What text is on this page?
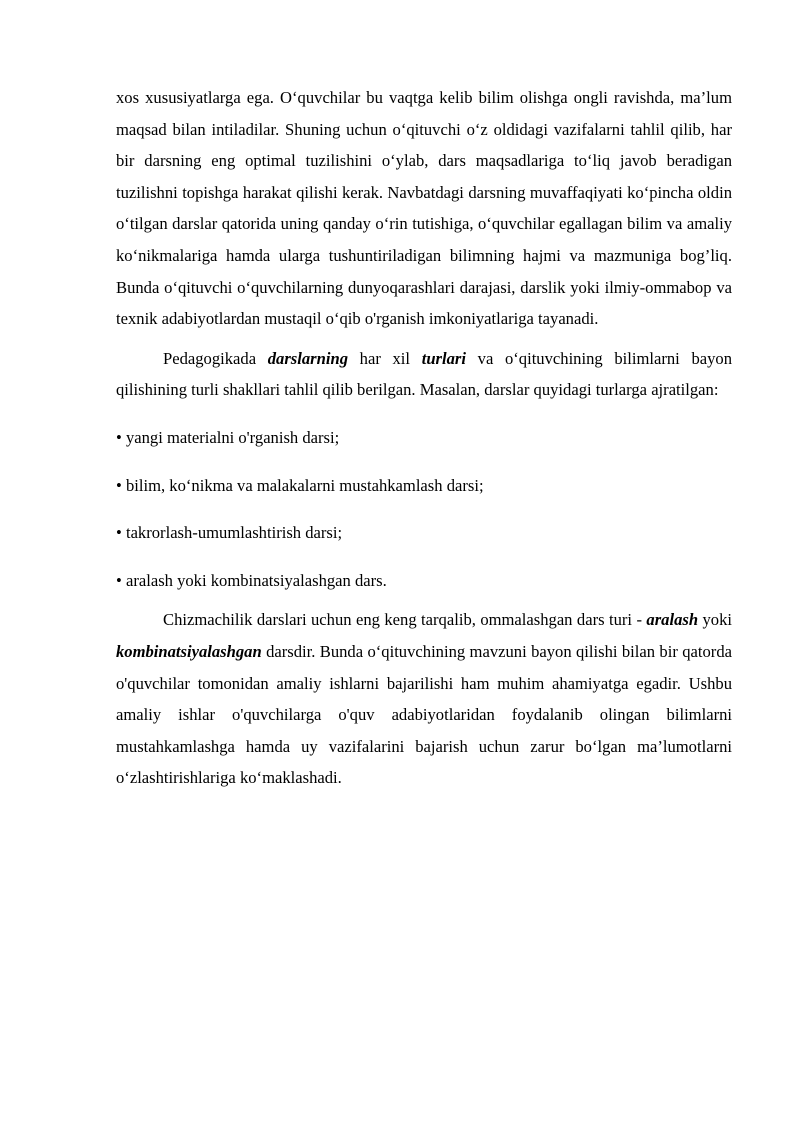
xos xususiyatlarga ega. O‘quvchilar bu vaqtga kelib bilim olishga ongli ravishda, ma’lum maqsad bilan intiladilar. Shuning uchun o‘qituvchi o‘z oldidagi vazifalarni tahlil qilib, har bir darsning eng optimal tuzilishini o‘ylab, dars maqsadlariga to‘liq javob beradigan tuzilishni topishga harakat qilishi kerak. Navbatdagi darsning muvaffaqiyati ko‘pincha oldin o‘tilgan darslar qatorida uning qanday o‘rin tutishiga, o‘quvchilar egallagan bilim va amaliy ko‘nikmalariga hamda ularga tushuntiriladigan bilimning hajmi va mazmuniga bog’liq. Bunda o‘qituvchi o‘quvchilarning dunyoqarashlari darajasi, darslik yoki ilmiy-ommabop va texnik adabiyotlardan mustaqil o‘qib o'rganish imkoniyatlariga tayanadi.

Pedagogikada darslarning har xil turlari va o‘qituvchining bilimlarni bayon qilishining turli shakllari tahlil qilib berilgan. Masalan, darslar quyidagi turlarga ajratilgan:

• yangi materialni o'rganish darsi;

• bilim, ko‘nikma va malakalarni mustahkamlash darsi;

• takrorlash-umumlashtirish darsi;

• aralash yoki kombinatsiyalashgan dars.

Chizmachilik darslari uchun eng keng tarqalib, ommalashgan dars turi - aralash yoki kombinatsiyalashgan darsdir. Bunda o‘qituvchining mavzuni bayon qilishi bilan bir qatorda o'quvchilar tomonidan amaliy ishlarni bajarilishi ham muhim ahamiyatga egadir. Ushbu amaliy ishlar o'quvchilarga o'quv adabiyotlaridan foydalanib olingan bilimlarni mustahkamlashga hamda uy vazifalarini bajarish uchun zarur bo‘lgan ma’lumotlarni o‘zlashtirishlariga ko‘maklashadi.
